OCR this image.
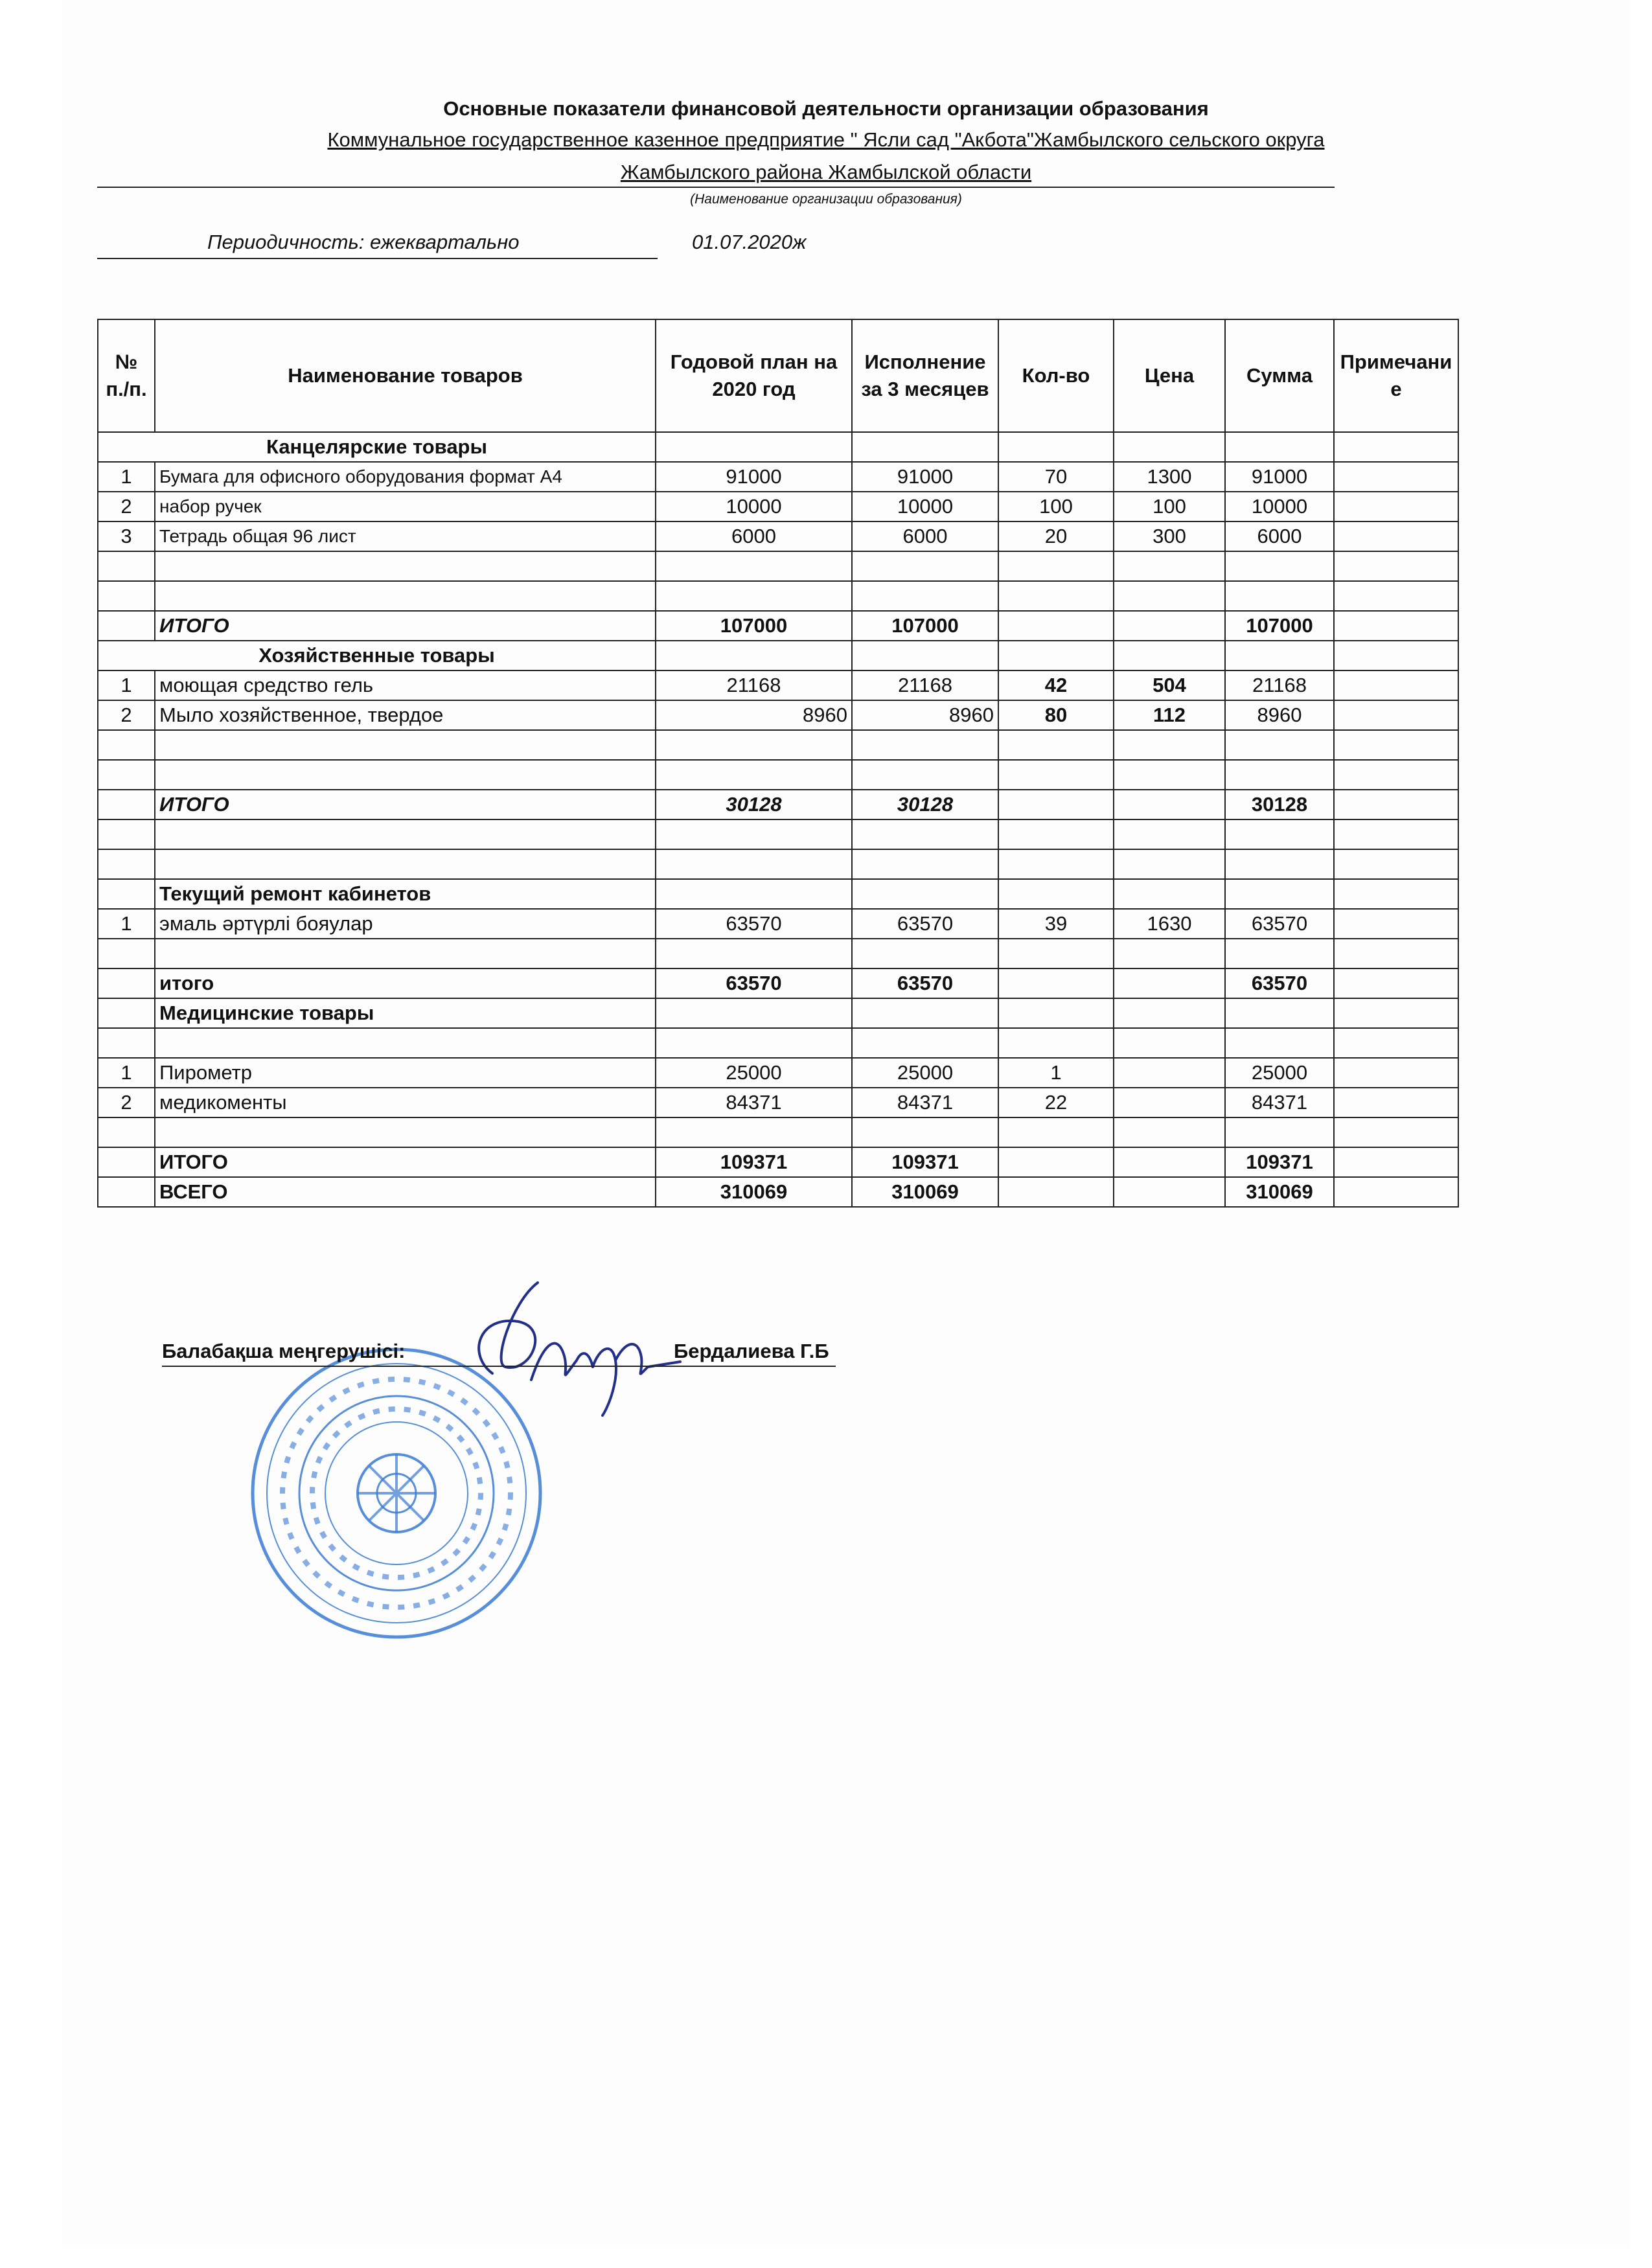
Основные показатели финансовой деятельности организации образования
Коммунальное государственное казенное предприятие " Ясли сад "Акбота"Жамбылского сельского округа
Жамбылского района Жамбылской области
(Наименование организации образования)
Периодичность: ежеквартально	01.07.2020ж
№ п./п.	Наименование товаров	Годовой план на 2020 год	Исполнение за 3 месяцев	Кол-во	Цена	Сумма	Примечание
Канцелярские товары							
1	Бумага для офисного оборудования формат А4	91000	91000	70	1300	91000	
2	набор ручек	10000	10000	100	100	10000	
3	Тетрадь общая 96 лист	6000	6000	20	300	6000	

	ИТОГО	107000	107000			107000	
Хозяйственные товары							
1	моющая средство гель	21168	21168	42	504	21168	
2	Мыло хозяйственное, твердое	8960	8960	80	112	8960	

	ИТОГО	30128	30128			30128	

	Текущий ремонт кабинетов						
1	эмаль әртүрлі бояулар	63570	63570	39	1630	63570	

	итого	63570	63570			63570	
	Медицинские товары						

1	Пирометр	25000	25000	1		25000	
2	медикоменты	84371	84371	22		84371	

	ИТОГО	109371	109371			109371	
	ВСЕГО	310069	310069			310069	
Балабақша меңгерушісі:	Бердалиева Г.Б
